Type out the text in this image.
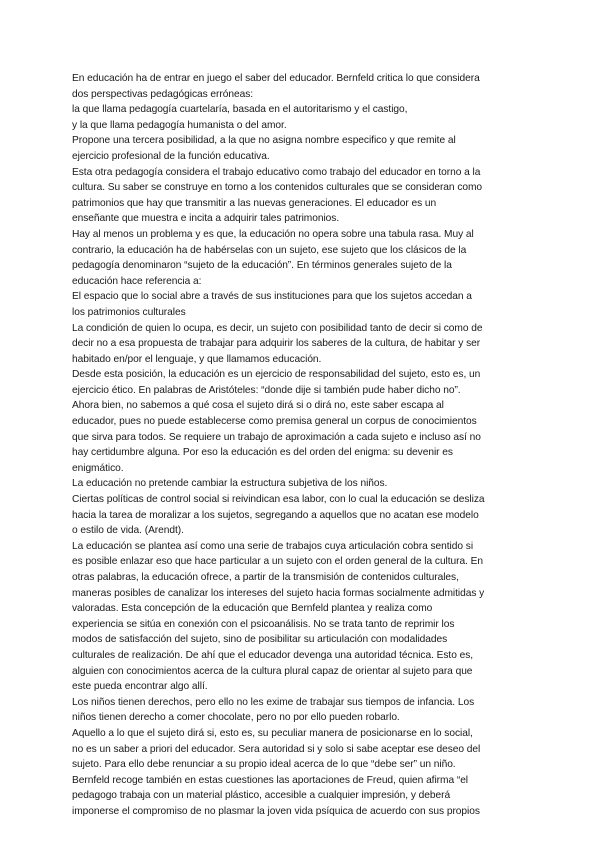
En educación ha de entrar en juego el saber del educador. Bernfeld critica lo que considera
dos perspectivas pedagógicas erróneas:
la que llama pedagogía cuartelaría, basada en el autoritarismo y el castigo,
y la que llama pedagogía humanista o del amor.
Propone una tercera posibilidad, a la que no asigna nombre especifico y que remite al
ejercicio profesional de la función educativa.
Esta otra pedagogía considera el trabajo educativo como trabajo del educador en torno a la
cultura. Su saber se construye en torno a los contenidos culturales que se consideran como
patrimonios que hay que transmitir a las nuevas generaciones. El educador es un
enseñante que muestra e incita a adquirir tales patrimonios.
Hay al menos un problema y es que, la educación no opera sobre una tabula rasa. Muy al
contrario, la educación ha de habérselas con un sujeto, ese sujeto que los clásicos de la
pedagogía denominaron “sujeto de la educación”. En términos generales sujeto de la
educación hace referencia a:
El espacio que lo social abre a través de sus instituciones para que los sujetos accedan a
los patrimonios culturales
La condición de quien lo ocupa, es decir, un sujeto con posibilidad tanto de decir si como de
decir no a esa propuesta de trabajar para adquirir los saberes de la cultura, de habitar y ser
habitado en/por el lenguaje, y que llamamos educación.
Desde esta posición, la educación es un ejercicio de responsabilidad del sujeto, esto es, un
ejercicio ético. En palabras de Aristóteles: “donde dije si también pude haber dicho no”.
Ahora bien, no sabemos a qué cosa el sujeto dirá si o dirá no, este saber escapa al
educador, pues no puede establecerse como premisa general un corpus de conocimientos
que sirva para todos. Se requiere un trabajo de aproximación a cada sujeto e incluso así no
hay certidumbre alguna. Por eso la educación es del orden del enigma: su devenir es
enigmático.
La educación no pretende cambiar la estructura subjetiva de los niños.
Ciertas políticas de control social si reivindican esa labor, con lo cual la educación se desliza
hacia la tarea de moralizar a los sujetos, segregando a aquellos que no acatan ese modelo
o estilo de vida. (Arendt).
La educación se plantea así como una serie de trabajos cuya articulación cobra sentido si
es posible enlazar eso que hace particular a un sujeto con el orden general de la cultura. En
otras palabras, la educación ofrece, a partir de la transmisión de contenidos culturales,
maneras posibles de canalizar los intereses del sujeto hacia formas socialmente admitidas y
valoradas. Esta concepción de la educación que Bernfeld plantea y realiza como
experiencia se sitúa en conexión con el psicoanálisis. No se trata tanto de reprimir los
modos de satisfacción del sujeto, sino de posibilitar su articulación con modalidades
culturales de realización. De ahí que el educador devenga una autoridad técnica. Esto es,
alguien con conocimientos acerca de la cultura plural capaz de orientar al sujeto para que
este pueda encontrar algo allí.
Los niños tienen derechos, pero ello no les exime de trabajar sus tiempos de infancia. Los
niños tienen derecho a comer chocolate, pero no por ello pueden robarlo.
Aquello a lo que el sujeto dirá si, esto es, su peculiar manera de posicionarse en lo social,
no es un saber a priori del educador. Sera autoridad si y solo si sabe aceptar ese deseo del
sujeto. Para ello debe renunciar a su propio ideal acerca de lo que “debe ser” un niño.
Bernfeld recoge también en estas cuestiones las aportaciones de Freud, quien afirma “el
pedagogo trabaja con un material plástico, accesible a cualquier impresión, y deberá
imponerse el compromiso de no plasmar la joven vida psíquica de acuerdo con sus propios
